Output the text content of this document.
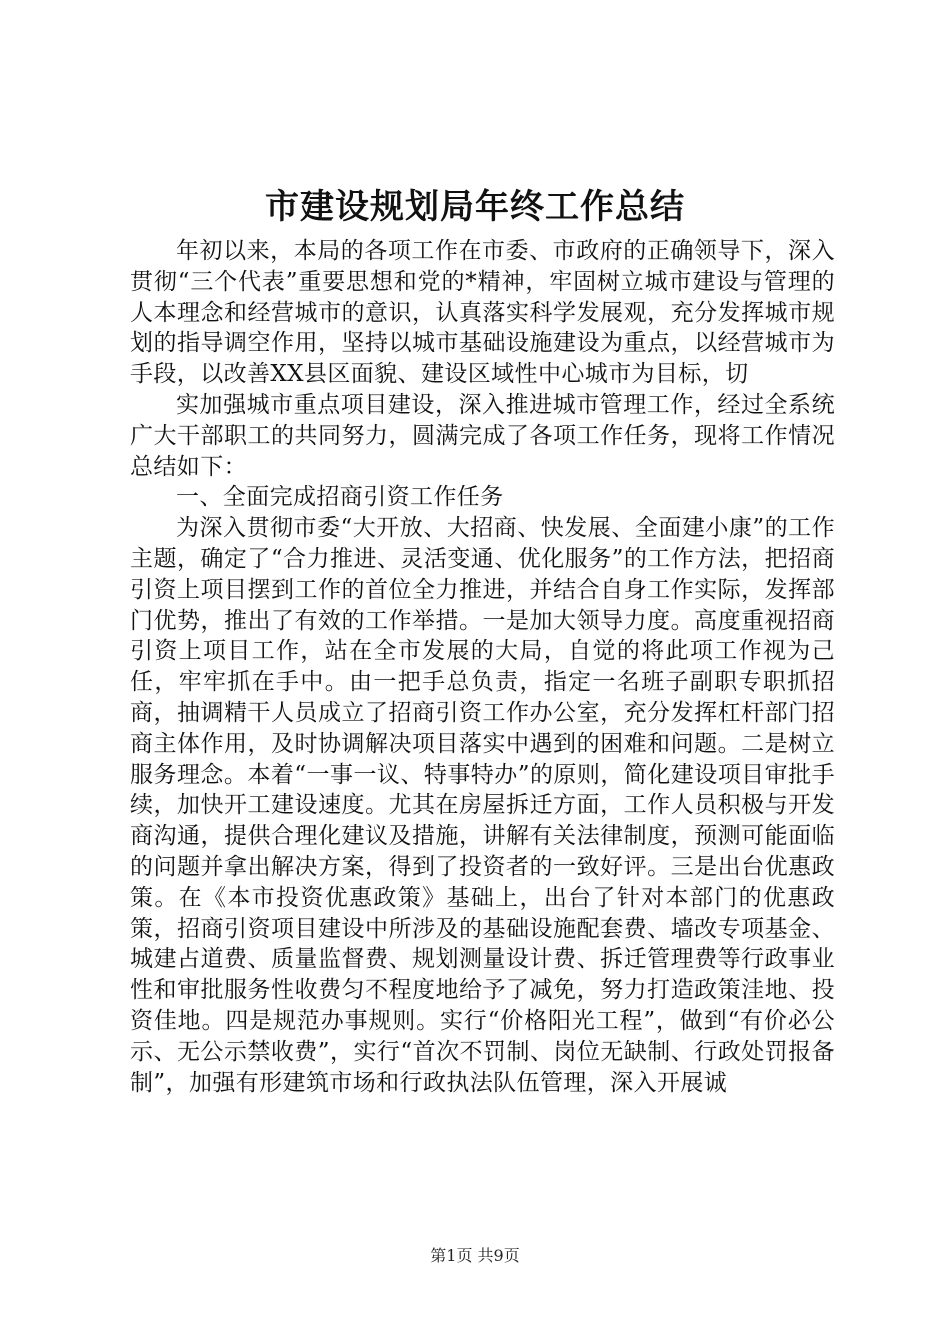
市建设规划局年终工作总结

年初以来，本局的各项工作在市委、市政府的正确领导下，深入贯彻“三个代表”重要思想和党的*精神，牢固树立城市建设与管理的人本理念和经营城市的意识，认真落实科学发展观，充分发挥城市规划的指导调空作用，坚持以城市基础设施建设为重点，以经营城市为手段，以改善XX县区面貌、建设区域性中心城市为目标，切

实加强城市重点项目建设，深入推进城市管理工作，经过全系统广大干部职工的共同努力，圆满完成了各项工作任务，现将工作情况总结如下：

一、全面完成招商引资工作任务

为深入贯彻市委“大开放、大招商、快发展、全面建小康”的工作主题，确定了“合力推进、灵活变通、优化服务”的工作方法，把招商引资上项目摆到工作的首位全力推进，并结合自身工作实际，发挥部门优势，推出了有效的工作举措。一是加大领导力度。高度重视招商引资上项目工作，站在全市发展的大局，自觉的将此项工作视为己任，牢牢抓在手中。由一把手总负责，指定一名班子副职专职抓招商，抽调精干人员成立了招商引资工作办公室，充分发挥杠杆部门招商主体作用，及时协调解决项目落实中遇到的困难和问题。二是树立服务理念。本着“一事一议、特事特办”的原则，简化建设项目审批手续，加快开工建设速度。尤其在房屋拆迁方面，工作人员积极与开发商沟通，提供合理化建议及措施，讲解有关法律制度，预测可能面临的问题并拿出解决方案，得到了投资者的一致好评。三是出台优惠政策。在《本市投资优惠政策》基础上，出台了针对本部门的优惠政策，招商引资项目建设中所涉及的基础设施配套费、墙改专项基金、城建占道费、质量监督费、规划测量设计费、拆迁管理费等行政事业性和审批服务性收费匀不程度地给予了减免，努力打造政策洼地、投资佳地。四是规范办事规则。实行“价格阳光工程”，做到“有价必公示、无公示禁收费”，实行“首次不罚制、岗位无缺制、行政处罚报备制”，加强有形建筑市场和行政执法队伍管理，深入开展诚

第1页 共9页
